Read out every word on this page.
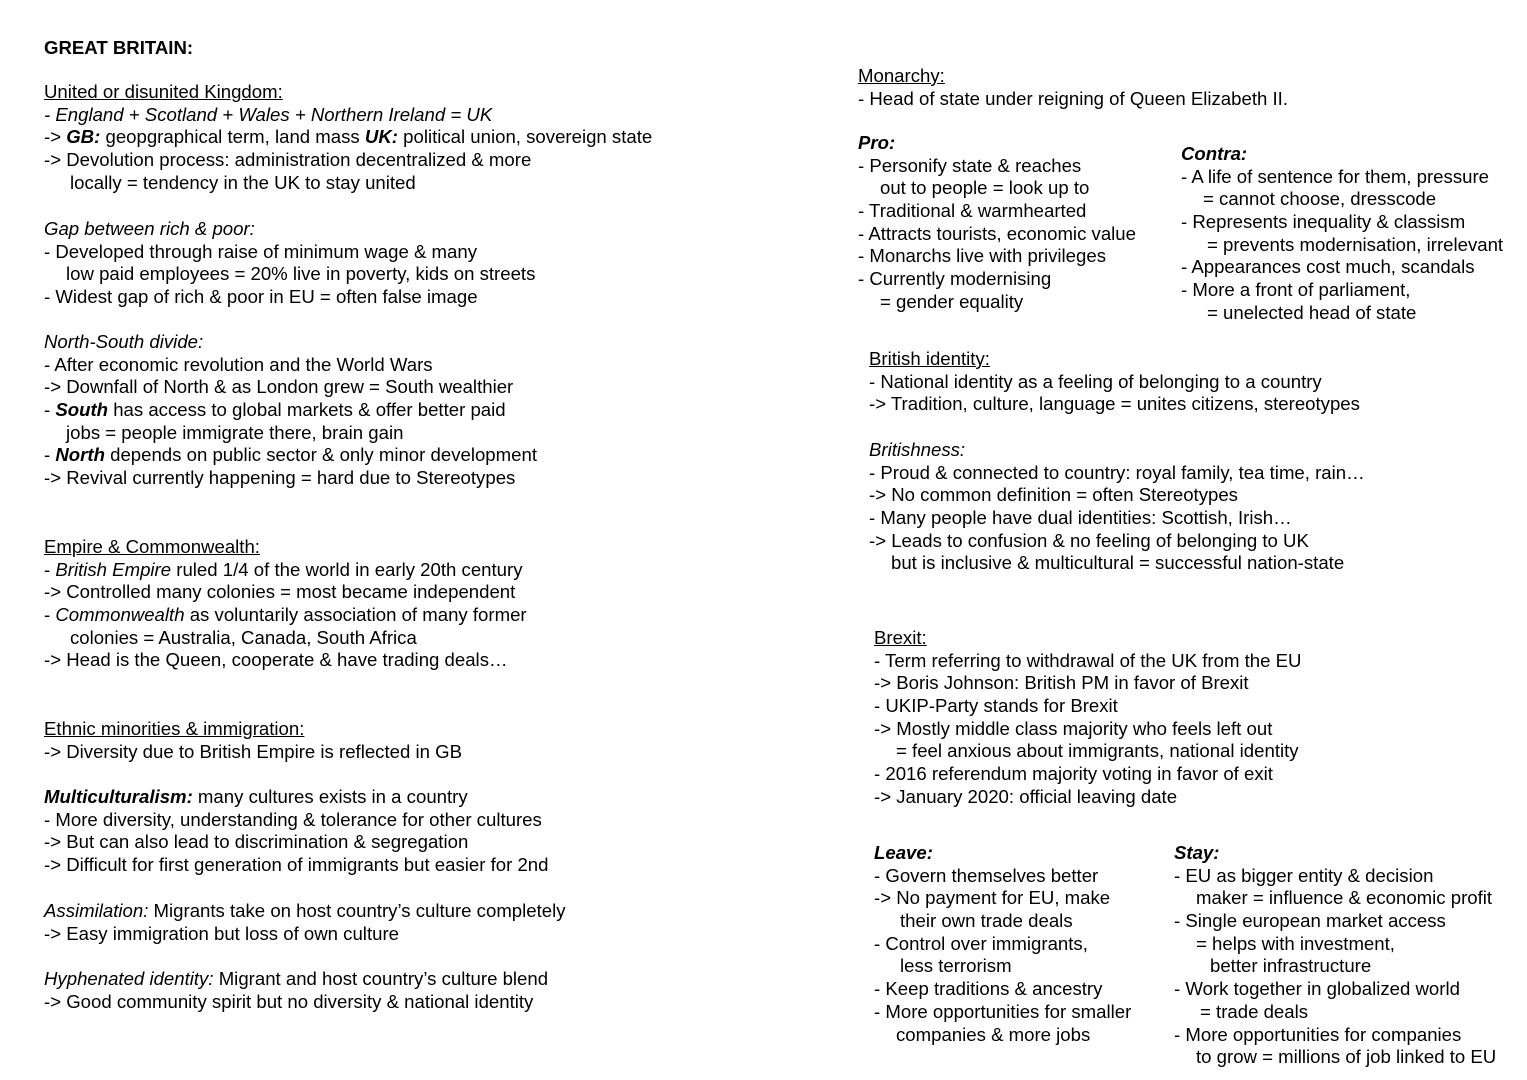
GREAT BRITAIN:
United or disunited Kingdom:
- England + Scotland + Wales + Northern Ireland = UK
-> GB: geopgraphical term, land mass UK: political union, sovereign state
-> Devolution process: administration decentralized & more
locally = tendency in the UK to stay united
Gap between rich & poor:
- Developed through raise of minimum wage & many
low paid employees = 20% live in poverty, kids on streets
- Widest gap of rich & poor in EU = often false image
North-South divide:
- After economic revolution and the World Wars
-> Downfall of North & as London grew = South wealthier
- South has access to global markets & offer better paid
jobs = people immigrate there, brain gain
- North depends on public sector & only minor development
-> Revival currently happening = hard due to Stereotypes
Empire & Commonwealth:
- British Empire ruled 1/4 of the world in early 20th century
-> Controlled many colonies = most became independent
- Commonwealth as voluntarily association of many former
colonies = Australia, Canada, South Africa
-> Head is the Queen, cooperate & have trading deals…
Ethnic minorities & immigration:
-> Diversity due to British Empire is reflected in GB
Multiculturalism: many cultures exists in a country
- More diversity, understanding & tolerance for other cultures
-> But can also lead to discrimination & segregation
-> Difficult for first generation of immigrants but easier for 2nd
Assimilation: Migrants take on host country’s culture completely
-> Easy immigration but loss of own culture
Hyphenated identity: Migrant and host country’s culture blend
-> Good community spirit but no diversity & national identity
Monarchy:
- Head of state under reigning of Queen Elizabeth II.
Pro:
- Personify state & reaches
out to people = look up to
- Traditional & warmhearted
- Attracts tourists, economic value
- Monarchs live with privileges
- Currently modernising
= gender equality
Contra:
- A life of sentence for them, pressure
= cannot choose, dresscode
- Represents inequality & classism
= prevents modernisation, irrelevant
- Appearances cost much, scandals
- More a front of parliament,
= unelected head of state
British identity:
- National identity as a feeling of belonging to a country
-> Tradition, culture, language = unites citizens, stereotypes
Britishness:
- Proud & connected to country: royal family, tea time, rain…
-> No common definition = often Stereotypes
- Many people have dual identities: Scottish, Irish…
-> Leads to confusion & no feeling of belonging to UK
but is inclusive & multicultural = successful nation-state
Brexit:
- Term referring to withdrawal of the UK from the EU
-> Boris Johnson: British PM in favor of Brexit
- UKIP-Party stands for Brexit
-> Mostly middle class majority who feels left out
= feel anxious about immigrants, national identity
- 2016 referendum majority voting in favor of exit
-> January 2020: official leaving date
Leave:
- Govern themselves better
-> No payment for EU, make
their own trade deals
- Control over immigrants,
less terrorism
- Keep traditions & ancestry
- More opportunities for smaller
companies & more jobs
Stay:
- EU as bigger entity & decision
maker = influence & economic profit
- Single european market access
= helps with investment,
better infrastructure
- Work together in globalized world
= trade deals
- More opportunities for companies
to grow = millions of job linked to EU
